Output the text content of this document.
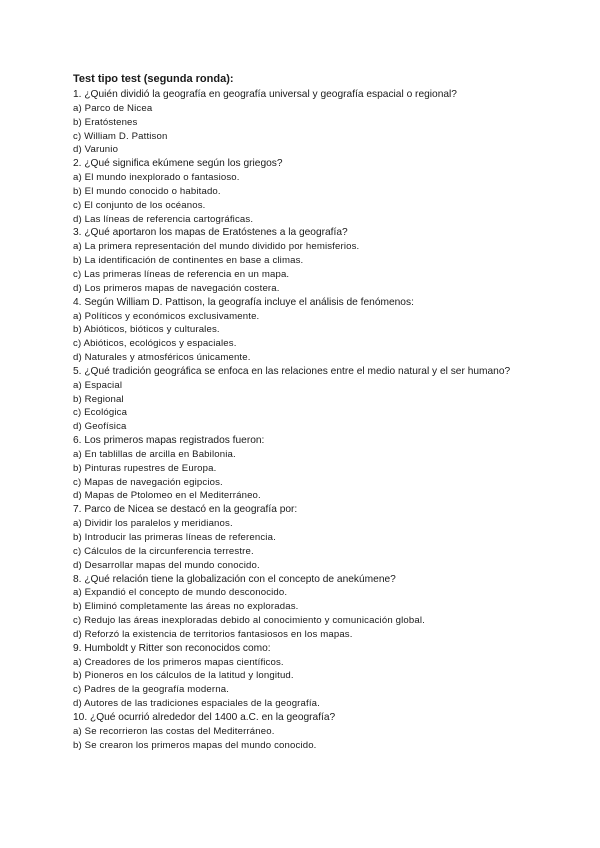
Test tipo test (segunda ronda):
1. ¿Quién dividió la geografía en geografía universal y geografía espacial o regional?
a) Parco de Nicea
b) Eratóstenes
c) William D. Pattison
d) Varunio
2. ¿Qué significa ekúmene según los griegos?
a) El mundo inexplorado o fantasioso.
b) El mundo conocido o habitado.
c) El conjunto de los océanos.
d) Las líneas de referencia cartográficas.
3. ¿Qué aportaron los mapas de Eratóstenes a la geografía?
a) La primera representación del mundo dividido por hemisferios.
b) La identificación de continentes en base a climas.
c) Las primeras líneas de referencia en un mapa.
d) Los primeros mapas de navegación costera.
4. Según William D. Pattison, la geografía incluye el análisis de fenómenos:
a) Políticos y económicos exclusivamente.
b) Abióticos, bióticos y culturales.
c) Abióticos, ecológicos y espaciales.
d) Naturales y atmosféricos únicamente.
5. ¿Qué tradición geográfica se enfoca en las relaciones entre el medio natural y el ser humano?
a) Espacial
b) Regional
c) Ecológica
d) Geofísica
6. Los primeros mapas registrados fueron:
a) En tablillas de arcilla en Babilonia.
b) Pinturas rupestres de Europa.
c) Mapas de navegación egipcios.
d) Mapas de Ptolomeo en el Mediterráneo.
7. Parco de Nicea se destacó en la geografía por:
a) Dividir los paralelos y meridianos.
b) Introducir las primeras líneas de referencia.
c) Cálculos de la circunferencia terrestre.
d) Desarrollar mapas del mundo conocido.
8. ¿Qué relación tiene la globalización con el concepto de anekúmene?
a) Expandió el concepto de mundo desconocido.
b) Eliminó completamente las áreas no exploradas.
c) Redujo las áreas inexploradas debido al conocimiento y comunicación global.
d) Reforzó la existencia de territorios fantasiosos en los mapas.
9. Humboldt y Ritter son reconocidos como:
a) Creadores de los primeros mapas científicos.
b) Pioneros en los cálculos de la latitud y longitud.
c) Padres de la geografía moderna.
d) Autores de las tradiciones espaciales de la geografía.
10. ¿Qué ocurrió alrededor del 1400 a.C. en la geografía?
a) Se recorrieron las costas del Mediterráneo.
b) Se crearon los primeros mapas del mundo conocido.
